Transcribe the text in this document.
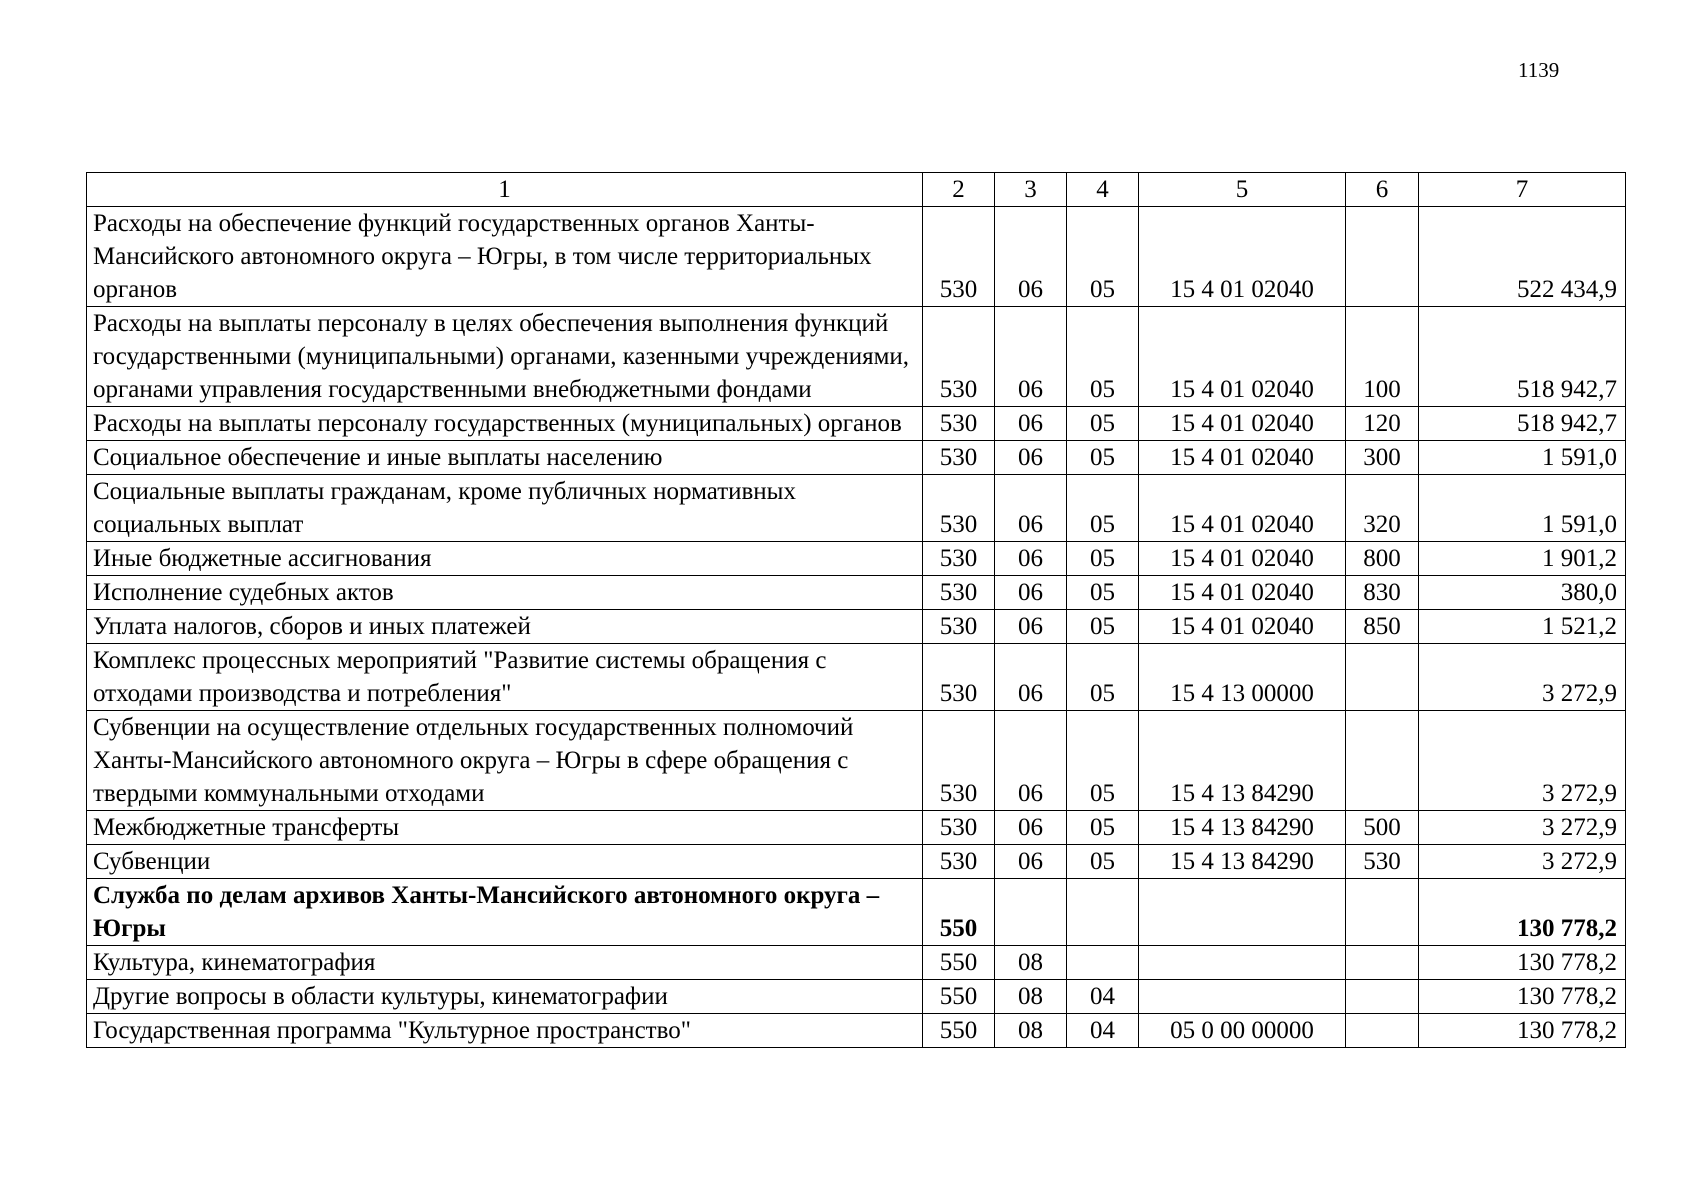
1139
1	2	3	4	5	6	7
Расходы на обеспечение функций государственных органов Ханты-Мансийского автономного округа – Югры, в том числе территориальных органов	530	06	05	15 4 01 02040		522 434,9
Расходы на выплаты персоналу в целях обеспечения выполнения функций государственными (муниципальными) органами, казенными учреждениями, органами управления государственными внебюджетными фондами	530	06	05	15 4 01 02040	100	518 942,7
Расходы на выплаты персоналу государственных (муниципальных) органов	530	06	05	15 4 01 02040	120	518 942,7
Социальное обеспечение и иные выплаты населению	530	06	05	15 4 01 02040	300	1 591,0
Социальные выплаты гражданам, кроме публичных нормативных социальных выплат	530	06	05	15 4 01 02040	320	1 591,0
Иные бюджетные ассигнования	530	06	05	15 4 01 02040	800	1 901,2
Исполнение судебных актов	530	06	05	15 4 01 02040	830	380,0
Уплата налогов, сборов и иных платежей	530	06	05	15 4 01 02040	850	1 521,2
Комплекс процессных мероприятий "Развитие системы обращения с отходами производства и потребления"	530	06	05	15 4 13 00000		3 272,9
Субвенции на осуществление отдельных государственных полномочий Ханты-Мансийского автономного округа – Югры в сфере обращения с твердыми коммунальными отходами	530	06	05	15 4 13 84290		3 272,9
Межбюджетные трансферты	530	06	05	15 4 13 84290	500	3 272,9
Субвенции	530	06	05	15 4 13 84290	530	3 272,9
Служба по делам архивов Ханты-Мансийского автономного округа – Югры	550					130 778,2
Культура, кинематография	550	08				130 778,2
Другие вопросы в области культуры, кинематографии	550	08	04			130 778,2
Государственная программа "Культурное пространство"	550	08	04	05 0 00 00000		130 778,2
